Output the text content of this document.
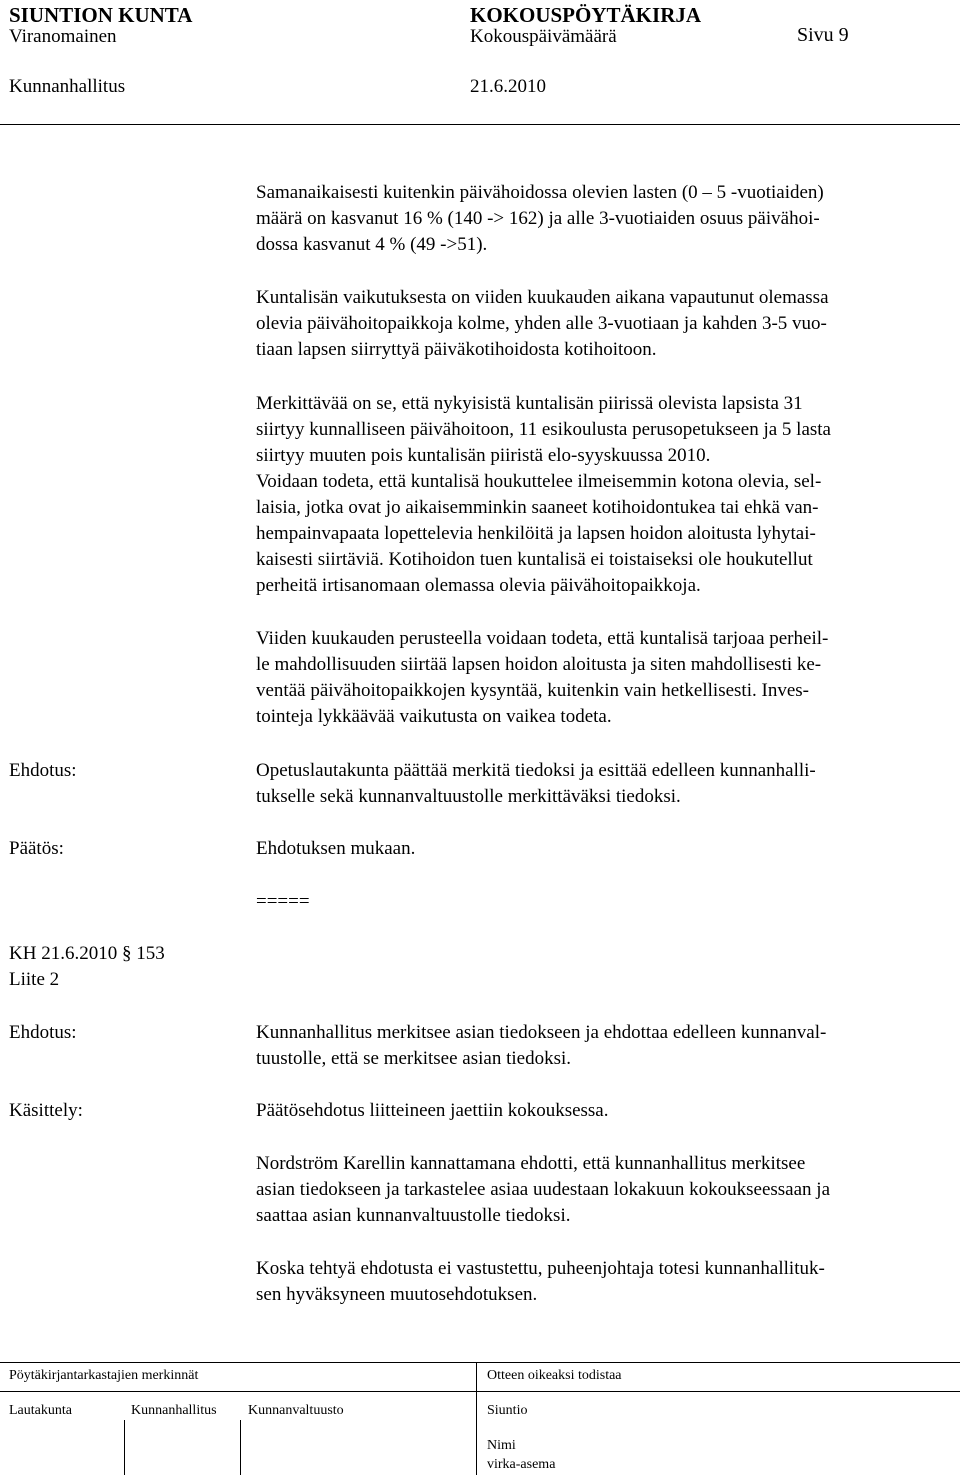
SIUNTION KUNTA	KOKOUSPÖYTÄKIRJA
Viranomainen	Kokouspäivämäärä	Sivu 9
Kunnanhallitus	21.6.2010
Samanaikaisesti kuitenkin päivähoidossa olevien lasten (0 – 5 -vuotiaiden)
määrä on kasvanut 16 % (140 -> 162) ja alle 3-vuotiaiden osuus päivähoi-
dossa kasvanut 4 % (49 ->51).
Kuntalisän vaikutuksesta on viiden kuukauden aikana vapautunut olemassa
olevia päivähoitopaikkoja kolme, yhden alle 3-vuotiaan ja kahden 3-5 vuo-
tiaan lapsen siirryttyä päiväkotihoidosta kotihoitoon.
Merkittävää on se, että nykyisistä kuntalisän piirissä olevista lapsista 31
siirtyy kunnalliseen päivähoitoon, 11 esikoulusta perusopetukseen ja 5 lasta
siirtyy muuten pois kuntalisän piiristä elo-syyskuussa 2010.
Voidaan todeta, että kuntalisä houkuttelee ilmeisemmin kotona olevia, sel-
laisia, jotka ovat jo aikaisemminkin saaneet kotihoidontukea tai ehkä van-
hempainvapaata lopettelevia henkilöitä ja lapsen hoidon aloitusta lyhytai-
kaisesti siirtäviä. Kotihoidon tuen kuntalisä ei toistaiseksi ole houkutellut
perheitä irtisanomaan olemassa olevia päivähoitopaikkoja.
Viiden kuukauden perusteella voidaan todeta, että kuntalisä tarjoaa perheil-
le mahdollisuuden siirtää lapsen hoidon aloitusta ja siten mahdollisesti ke-
ventää päivähoitopaikkojen kysyntää, kuitenkin vain hetkellisesti. Inves-
tointeja lykkäävää vaikutusta on vaikea todeta.
Ehdotus:	Opetuslautakunta päättää merkitä tiedoksi ja esittää edelleen kunnanhalli-
tukselle sekä kunnanvaltuustolle merkittäväksi tiedoksi.
Päätös:	Ehdotuksen mukaan.
=====
KH 21.6.2010 § 153
Liite 2
Ehdotus:	Kunnanhallitus merkitsee asian tiedokseen ja ehdottaa edelleen kunnanval-
tuustolle, että se merkitsee asian tiedoksi.
Käsittely:	Päätösehdotus liitteineen jaettiin kokouksessa.
Nordström Karellin kannattamana ehdotti, että kunnanhallitus merkitsee
asian tiedokseen ja tarkastelee asiaa uudestaan lokakuun kokoukseessaan ja
saattaa asian kunnanvaltuustolle tiedoksi.
Koska tehtyä ehdotusta ei vastustettu, puheenjohtaja totesi kunnanhallituk-
sen hyväksyneen muutosehdotuksen.
Pöytäkirjantarkastajien merkinnät	Otteen oikeaksi todistaa
Lautakunta	Kunnanhallitus Kunnanvaltuusto	Siuntio
Nimi
virka-asema
